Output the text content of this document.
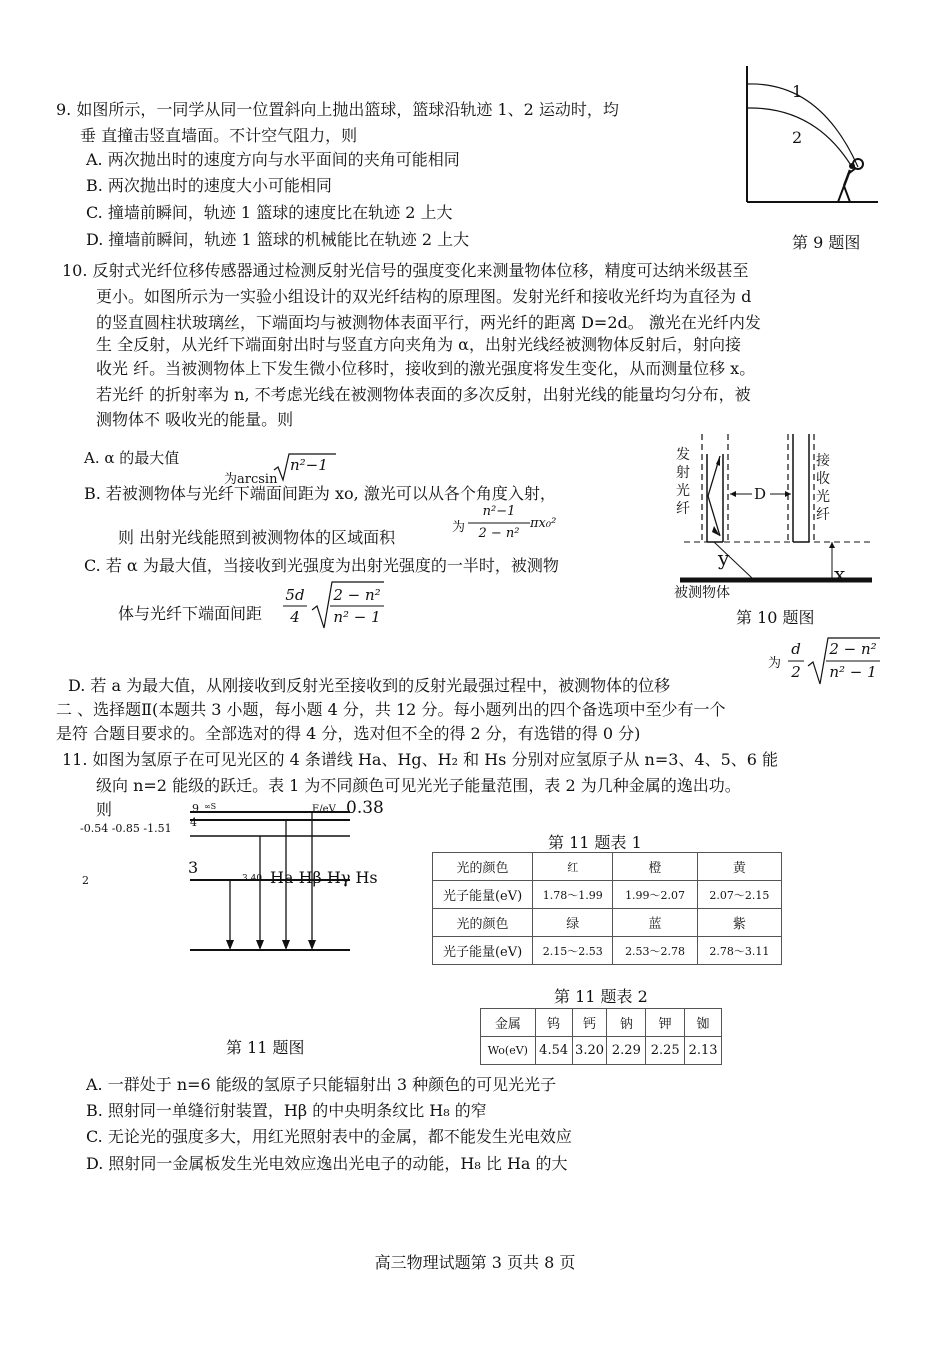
9. 如图所示，一同学从同一位置斜向上抛出篮球，篮球沿轨迹 1、2 运动时，均
垂 直撞击竖直墙面。不计空气阻力，则
A. 两次抛出时的速度方向与水平面间的夹角可能相同
B. 两次抛出时的速度大小可能相同
C. 撞墙前瞬间，轨迹 1 篮球的速度比在轨迹 2 上大
D. 撞墙前瞬间，轨迹 1 篮球的机械能比在轨迹 2 上大
1
2
第 9 题图
10. 反射式光纤位移传感器通过检测反射光信号的强度变化来测量物体位移，精度可达纳米级甚至
更小。如图所示为一实验小组设计的双光纤结构的原理图。发射光纤和接收光纤均为直径为 d
的竖直圆柱状玻璃丝，下端面均与被测物体表面平行，两光纤的距离 D=2d。 激光在光纤内发
生 全反射，从光纤下端面射出时与竖直方向夹角为 α，出射光线经被测物体反射后，射向接
收光 纤。当被测物体上下发生微小位移时，接收到的激光强度将发生变化，从而测量位移 x。
若光纤 的折射率为 n, 不考虑光线在被测物体表面的多次反射，出射光线的能量均匀分布，被
测物体不 吸收光的能量。则
A. α 的最大值
为arcsin
n²−1
B. 若被测物体与光纤下端面间距为 xo, 激光可以从各个角度入射，
则 出射光线能照到被测物体的区域面积
为
n²−1
2 − n²
πx₀²
C. 若 α 为最大值，当接收到光强度为出射光强度的一半时，被测物
体与光纤下端面间距
5d
4
2 − n²
n² − 1
D. 若 a 为最大值，从刚接收到反射光至接收到的反射光最强过程中，被测物体的位移
为
d
2
2 − n²
n² − 1
发
射
光
纤
接
收
光
纤
D
y
x
被测物体
第 10 题图
二 、选择题Ⅱ(本题共 3 小题，每小题 4 分，共 12 分。每小题列出的四个备选项中至少有一个
是符 合题目要求的。全部选对的得 4 分，选对但不全的得 2 分，有选错的得 0 分)
11. 如图为氢原子在可见光区的 4 条谱线 Ha、Hg、H₂ 和 Hs 分别对应氢原子从 n=3、4、5、6 能
级向 n=2 能级的跃迁。表 1 为不同颜色可见光光子能量范围，表 2 为几种金属的逸出功。
则	9 ∞S
4
3
2
-0.54 -0.85 -1.51
E/eV 0.38
3.40 Ha Hβ Hγ Hs
第 11 题图
第 11 题表 1
光的颜色	红	橙	黄
光子能量(eV)	1.78～1.99	1.99～2.07	2.07～2.15
光的颜色	绿	蓝	紫
光子能量(eV)	2.15～2.53	2.53～2.78	2.78～3.11
第 11 题表 2
金属	钨	钙	钠	钾	铷
Wo(eV)	4.54	3.20	2.29	2.25	2.13
A. 一群处于 n=6 能级的氢原子只能辐射出 3 种颜色的可见光光子
B. 照射同一单缝衍射装置，Hβ 的中央明条纹比 H₈ 的窄
C. 无论光的强度多大，用红光照射表中的金属，都不能发生光电效应
D. 照射同一金属板发生光电效应逸出光电子的动能，H₈ 比 Ha 的大
高三物理试题第 3 页共 8 页
